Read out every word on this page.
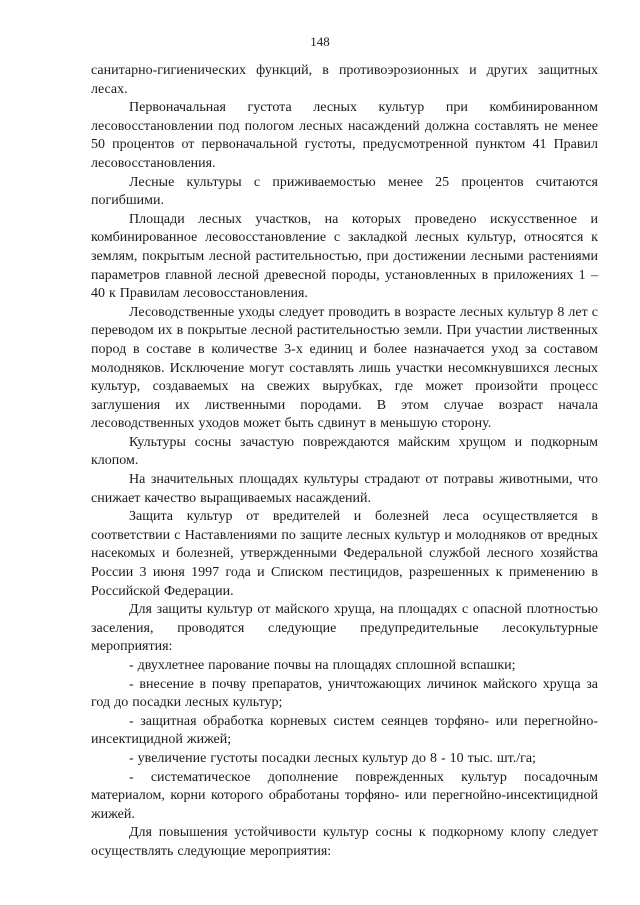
148

санитарно-гигиенических функций, в противоэрозионных и других защитных лесах.

Первоначальная густота лесных культур при комбинированном лесовосстановлении под пологом лесных насаждений должна составлять не менее 50 процентов от первоначальной густоты, предусмотренной пунктом 41 Правил лесовосстановления.

Лесные культуры с приживаемостью менее 25 процентов считаются погибшими.

Площади лесных участков, на которых проведено искусственное и комбинированное лесовосстановление с закладкой лесных культур, относятся к землям, покрытым лесной растительностью, при достижении лесными растениями параметров главной лесной древесной породы, установленных в приложениях 1 – 40 к Правилам лесовосстановления.

Лесоводственные уходы следует проводить в возрасте лесных культур 8 лет с переводом их в покрытые лесной растительностью земли. При участии лиственных пород в составе в количестве 3-х единиц и более назначается уход за составом молодняков. Исключение могут составлять лишь участки несомкнувшихся лесных культур, создаваемых на свежих вырубках, где может произойти процесс заглушения их лиственными породами. В этом случае возраст начала лесоводственных уходов может быть сдвинут в меньшую сторону.

Культуры сосны зачастую повреждаются майским хрущом и подкорным клопом.

На значительных площадях культуры страдают от потравы животными, что снижает качество выращиваемых насаждений.

Защита культур от вредителей и болезней леса осуществляется в соответствии с Наставлениями по защите лесных культур и молодняков от вредных насекомых и болезней, утвержденными Федеральной службой лесного хозяйства России 3 июня 1997 года и Списком пестицидов, разрешенных к применению в Российской Федерации.

Для защиты культур от майского хруща, на площадях с опасной плотностью заселения, проводятся следующие предупредительные лесокультурные мероприятия:

- двухлетнее парование почвы на площадях сплошной вспашки;

- внесение в почву препаратов, уничтожающих личинок майского хруща за год до посадки лесных культур;

- защитная обработка корневых систем сеянцев торфяно- или перегнойно-инсектицидной жижей;

- увеличение густоты посадки лесных культур до 8 - 10 тыс. шт./га;

- систематическое дополнение поврежденных культур посадочным материалом, корни которого обработаны торфяно- или перегнойно-инсектицидной жижей.

Для повышения устойчивости культур сосны к подкорному клопу следует осуществлять следующие мероприятия:
